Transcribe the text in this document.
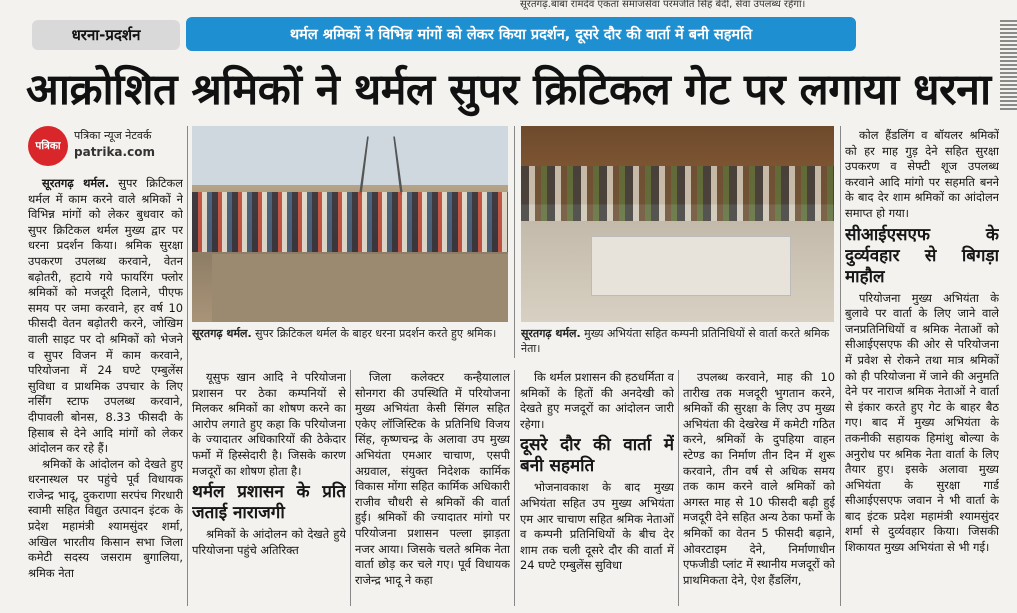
सूरतगढ़.बाबा रामदेव एकता समाजसेवा परमजीत सिंह बेदी, सेवा उपलब्ध रहेगा।
धरना-प्रदर्शन	थर्मल श्रमिकों ने विभिन्न मांगों को लेकर किया प्रदर्शन, दूसरे दौर की वार्ता में बनी सहमति
आक्रोशित श्रमिकों ने थर्मल सुपर क्रिटिकल गेट पर लगाया धरना
पत्रिका
पत्रिका न्यूज नेटवर्क
patrika.com

सूरतगढ़ थर्मल. सुपर क्रिटिकल थर्मल में काम करने वाले श्रमिकों ने विभिन्न मांगों को लेकर बुधवार को सुपर क्रिटिकल थर्मल मुख्य द्वार पर धरना प्रदर्शन किया। श्रमिक सुरक्षा उपकरण उपलब्ध करवाने, वेतन बढ़ोतरी, हटाये गये फायरिंग फ्लोर श्रमिकों को मजदूरी दिलाने, पीएफ समय पर जमा करवाने, हर वर्ष 10 फीसदी वेतन बढ़ोतरी करने, जोखिम वाली साइट पर दो श्रमिकों को भेजने व सुपर विजन में काम करवाने, परियोजना में 24 घण्टे एम्बुलेंस सुविधा व प्राथमिक उपचार के लिए नर्सिंग स्टाफ उपलब्ध करवाने, दीपावली बोनस, 8.33 फीसदी के हिसाब से देने आदि मांगों को लेकर आंदोलन कर रहे हैं।

श्रमिकों के आंदोलन को देखते हुए धरनास्थल पर पहुंचे पूर्व विधायक राजेन्द्र भादू, दुकराणा सरपंच गिरधारी स्वामी सहित विद्युत उत्पादन इंटक के प्रदेश महामंत्री श्यामसुंदर शर्मा, अखिल भारतीय किसान सभा जिला कमेटी सदस्य जसराम बुगालिया, श्रमिक नेता

सूरतगढ़ थर्मल. सुपर क्रिटिकल थर्मल के बाहर धरना प्रदर्शन करते हुए श्रमिक।	सूरतगढ़ थर्मल. मुख्य अभियंता सहित कम्पनी प्रतिनिधियों से वार्ता करते श्रमिक नेता।

यूसुफ खान आदि ने परियोजना प्रशासन पर ठेका कम्पनियों से मिलकर श्रमिकों का शोषण करने का आरोप लगाते हुए कहा कि परियोजना के ज्यादातर अधिकारियों की ठेकेदार फर्मो में हिस्सेदारी है। जिसके कारण मजदूरों का शोषण होता है।

थर्मल प्रशासन के प्रति जताई नाराजगी

श्रमिकों के आंदोलन को देखते हुये परियोजना पहुंचे अतिरिक्त

जिला कलेक्टर कन्हैयालाल सोनगरा की उपस्थिति में परियोजना मुख्य अभियंता केसी सिंगल सहित एकेए लॉजिस्टिक के प्रतिनिधि विजय सिंह, कृष्णचन्द्र के अलावा उप मुख्य अभियंता एमआर चाचाण, एसपी अग्रवाल, संयुक्त निदेशक कार्मिक विकास मोंगा सहित कार्मिक अधिकारी राजीव चौधरी से श्रमिकों की वार्ता हुई। श्रमिकों की ज्यादातर मांगो पर परियोजना प्रशासन पल्ला झाड़ता नजर आया। जिसके चलते श्रमिक नेता वार्ता छोड़ कर चले गए। पूर्व विधायक राजेन्द्र भादू ने कहा

कि थर्मल प्रशासन की हठधर्मिता व श्रमिकों के हितों की अनदेखी को देखते हुए मजदूरों का आंदोलन जारी रहेगा।

दूसरे दौर की वार्ता में बनी सहमति

भोजनावकाश के बाद मुख्य अभियंता सहित उप मुख्य अभियंता एम आर चाचाण सहित श्रमिक नेताओं व कम्पनी प्रतिनिधियों के बीच देर शाम तक चली दूसरे दौर की वार्ता में 24 घण्टे एम्बुलेंस सुविधा

उपलब्ध करवाने, माह की 10 तारीख तक मजदूरी भुगतान करने, श्रमिकों की सुरक्षा के लिए उप मुख्य अभियंता की देखरेख में कमेटी गठित करने, श्रमिकों के दुपहिया वाहन स्टेण्ड का निर्माण तीन दिन में शुरू करवाने, तीन वर्ष से अधिक समय तक काम करने वाले श्रमिकों को अगस्त माह से 10 फीसदी बढ़ी हुई मजदूरी देने सहित अन्य ठेका फर्मो के श्रमिकों का वेतन 5 फीसदी बढ़ाने, ओवरटाइम देने, निर्माणाधीन एफजीडी प्लांट में स्थानीय मजदूरों को प्राथमिकता देने, ऐश हैंडलिंग,

कोल हैंडलिंग व बॉयलर श्रमिकों को हर माह गुड़ देने सहित सुरक्षा उपकरण व सेफ्टी शूज उपलब्ध करवाने आदि मांगो पर सहमति बनने के बाद देर शाम श्रमिकों का आंदोलन समाप्त हो गया।

सीआईएसएफ के दुर्व्यवहार से बिगड़ा माहौल

परियोजना मुख्य अभियंता के बुलावे पर वार्ता के लिए जाने वाले जनप्रतिनिधियों व श्रमिक नेताओं को सीआईएसएफ की ओर से परियोजना में प्रवेश से रोकने तथा मात्र श्रमिकों को ही परियोजना में जाने की अनुमति देने पर नाराज श्रमिक नेताओं ने वार्ता से इंकार करते हुए गेट के बाहर बैठ गए। बाद में मुख्य अभियंता के तकनीकी सहायक हिमांशु बोल्या के अनुरोध पर श्रमिक नेता वार्ता के लिए तैयार हुए। इसके अलावा मुख्य अभियंता के सुरक्षा गार्ड सीआईएसएफ जवान ने भी वार्ता के बाद इंटक प्रदेश महामंत्री श्यामसुंदर शर्मा से दुर्व्यवहार किया। जिसकी शिकायत मुख्य अभियंता से भी गई।
